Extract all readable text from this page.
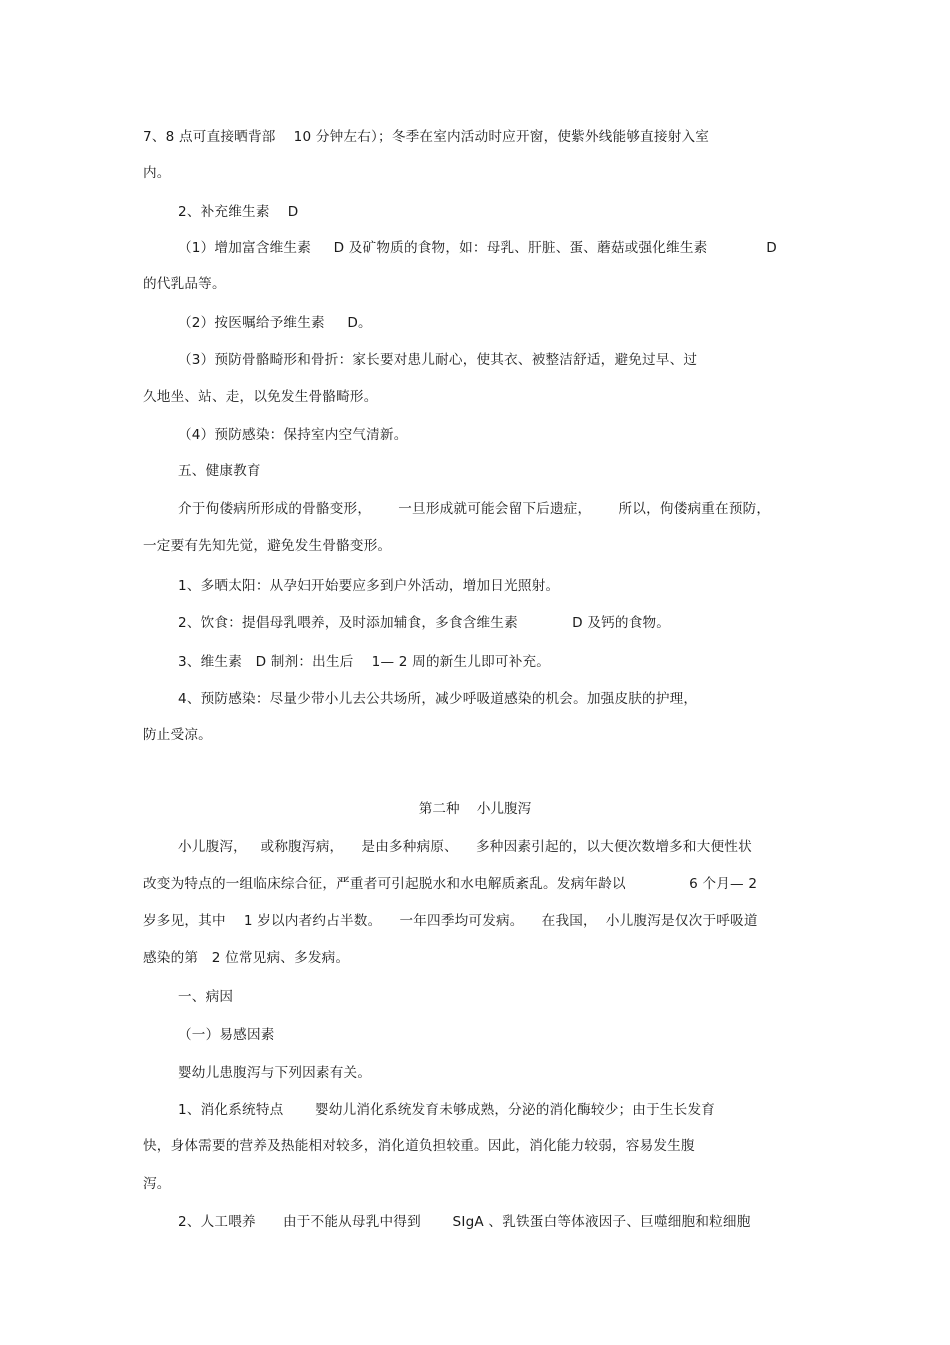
7、8 点可直接晒背部    10 分钟左右）；冬季在室内活动时应开窗，使紫外线能够直接射入室
内。
2、补充维生素    D
（1）增加富含维生素     D 及矿物质的食物，如：母乳、肝脏、蛋、蘑菇或强化维生素             D
的代乳品等。
（2）按医嘱给予维生素     D。
（3）预防骨骼畸形和骨折：家长要对患儿耐心，使其衣、被整洁舒适，避免过早、过
久地坐、站、走，以免发生骨骼畸形。
（4）预防感染：保持室内空气清新。
五、健康教育
介于佝偻病所形成的骨骼变形，      一旦形成就可能会留下后遗症，      所以，佝偻病重在预防，
一定要有先知先觉，避免发生骨骼变形。
1、多晒太阳：从孕妇开始要应多到户外活动，增加日光照射。
2、饮食：提倡母乳喂养，及时添加辅食，多食含维生素            D 及钙的食物。
3、维生素   D 制剂：出生后    1— 2 周的新生儿即可补充。
4、预防感染：尽量少带小儿去公共场所，减少呼吸道感染的机会。加强皮肤的护理，
防止受凉。
第二种    小儿腹泻
小儿腹泻，   或称腹泻病，    是由多种病原、    多种因素引起的，以大便次数增多和大便性状
改变为特点的一组临床综合征，严重者可引起脱水和水电解质紊乱。发病年龄以              6 个月— 2
岁多见，其中    1 岁以内者约占半数。    一年四季均可发病。    在我国，  小儿腹泻是仅次于呼吸道
感染的第   2 位常见病、多发病。
一、病因
（一）易感因素
婴幼儿患腹泻与下列因素有关。
1、消化系统特点       婴幼儿消化系统发育未够成熟，分泌的消化酶较少；由于生长发育
快，身体需要的营养及热能相对较多，消化道负担较重。因此，消化能力较弱，容易发生腹
泻。
2、人工喂养      由于不能从母乳中得到       SIgA 、乳铁蛋白等体液因子、巨噬细胞和粒细胞
